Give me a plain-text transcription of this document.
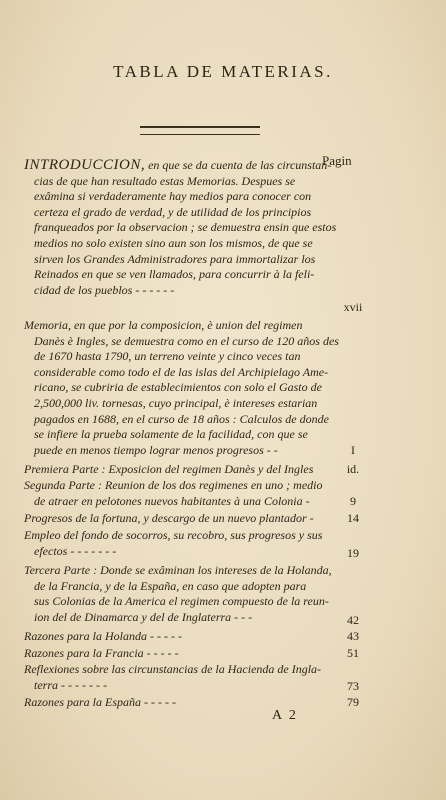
TABLA DE MATERIAS.
Pagin
INTRODUCCION, en que se da cuenta de las circunstan-
cias de que han resultado estas Memorias. Despues se
exâmina si verdaderamente hay medios para conocer con
certeza el grado de verdad, y de utilidad de los principios
franqueados por la observacion ; se demuestra ensin que estos
medios no solo existen sino aun son los mismos, de que se
sirven los Grandes Administradores para immortalizar los
Reinados en que se ven llamados, para concurrir à la feli-
cidad de los pueblos - - - - - -
xvii
Memoria, en que por la composicion, è union del regimen
Danès è Ingles, se demuestra como en el curso de 120 años des
de 1670 hasta 1790, un terreno veinte y cinco veces tan
considerable como todo el de las islas del Archipielago Ame-
ricano, se cubriria de establecimientos con solo el Gasto de
2,500,000 liv. tornesas, cuyo principal, è intereses estarian
pagados en 1688, en el curso de 18 años : Calculos de donde
se infiere la prueba solamente de la facilidad, con que se
puede en menos tiempo lograr menos progresos - -	I
Premiera Parte : Exposicion del regimen Danès y del Ingles	id.
Segunda Parte : Reunion de los dos regimenes en uno ; medio
de atraer en pelotones nuevos habitantes à una Colonia -	9
Progresos de la fortuna, y descargo de un nuevo plantador -	14
Empleo del fondo de socorros, su recobro, sus progresos y sus
efectos - - - - - - -	19
Tercera Parte : Donde se exâminan los intereses de la Holanda,
de la Francia, y de la España, en caso que adopten para
sus Colonias de la America el regimen compuesto de la reun-
ion del de Dinamarca y del de Inglaterra - - -	42
Razones para la Holanda - - - - -	43
Razones para la Francia - - - - -	51
Reflexiones sobre las circunstancias de la Hacienda de Ingla-
terra - - - - - - -	73
Razones para la España - - - - -	79
A 2
